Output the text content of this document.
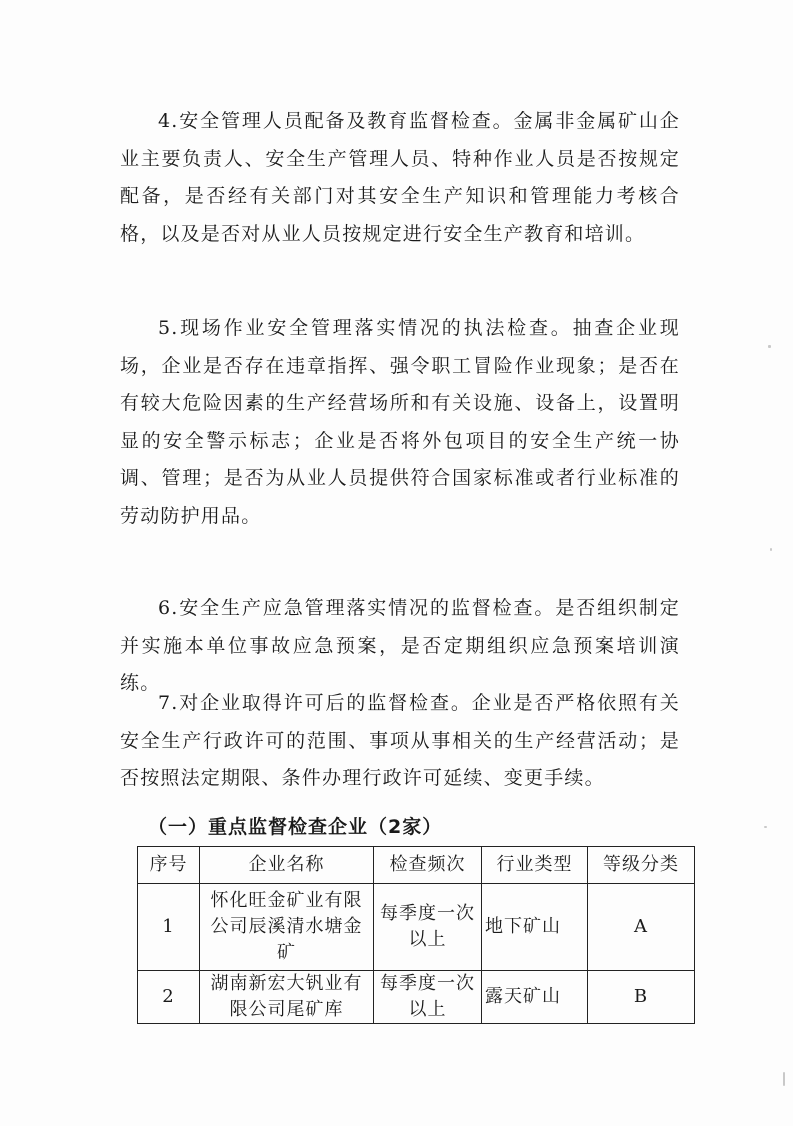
4.安全管理人员配备及教育监督检查。金属非金属矿山企业主要负责人、安全生产管理人员、特种作业人员是否按规定配备，是否经有关部门对其安全生产知识和管理能力考核合格，以及是否对从业人员按规定进行安全生产教育和培训。

5.现场作业安全管理落实情况的执法检查。抽查企业现场，企业是否存在违章指挥、强令职工冒险作业现象；是否在有较大危险因素的生产经营场所和有关设施、设备上，设置明显的安全警示标志；企业是否将外包项目的安全生产统一协调、管理；是否为从业人员提供符合国家标准或者行业标准的劳动防护用品。

6.安全生产应急管理落实情况的监督检查。是否组织制定并实施本单位事故应急预案，是否定期组织应急预案培训演练。

7.对企业取得许可后的监督检查。企业是否严格依照有关安全生产行政许可的范围、事项从事相关的生产经营活动；是否按照法定期限、条件办理行政许可延续、变更手续。

（一）重点监督检查企业（2家）
序号	企业名称	检查频次	行业类型	等级分类
1	怀化旺金矿业有限公司辰溪清水塘金矿	每季度一次以上	地下矿山	A
2	湖南新宏大钒业有限公司尾矿库	每季度一次以上	露天矿山	B
